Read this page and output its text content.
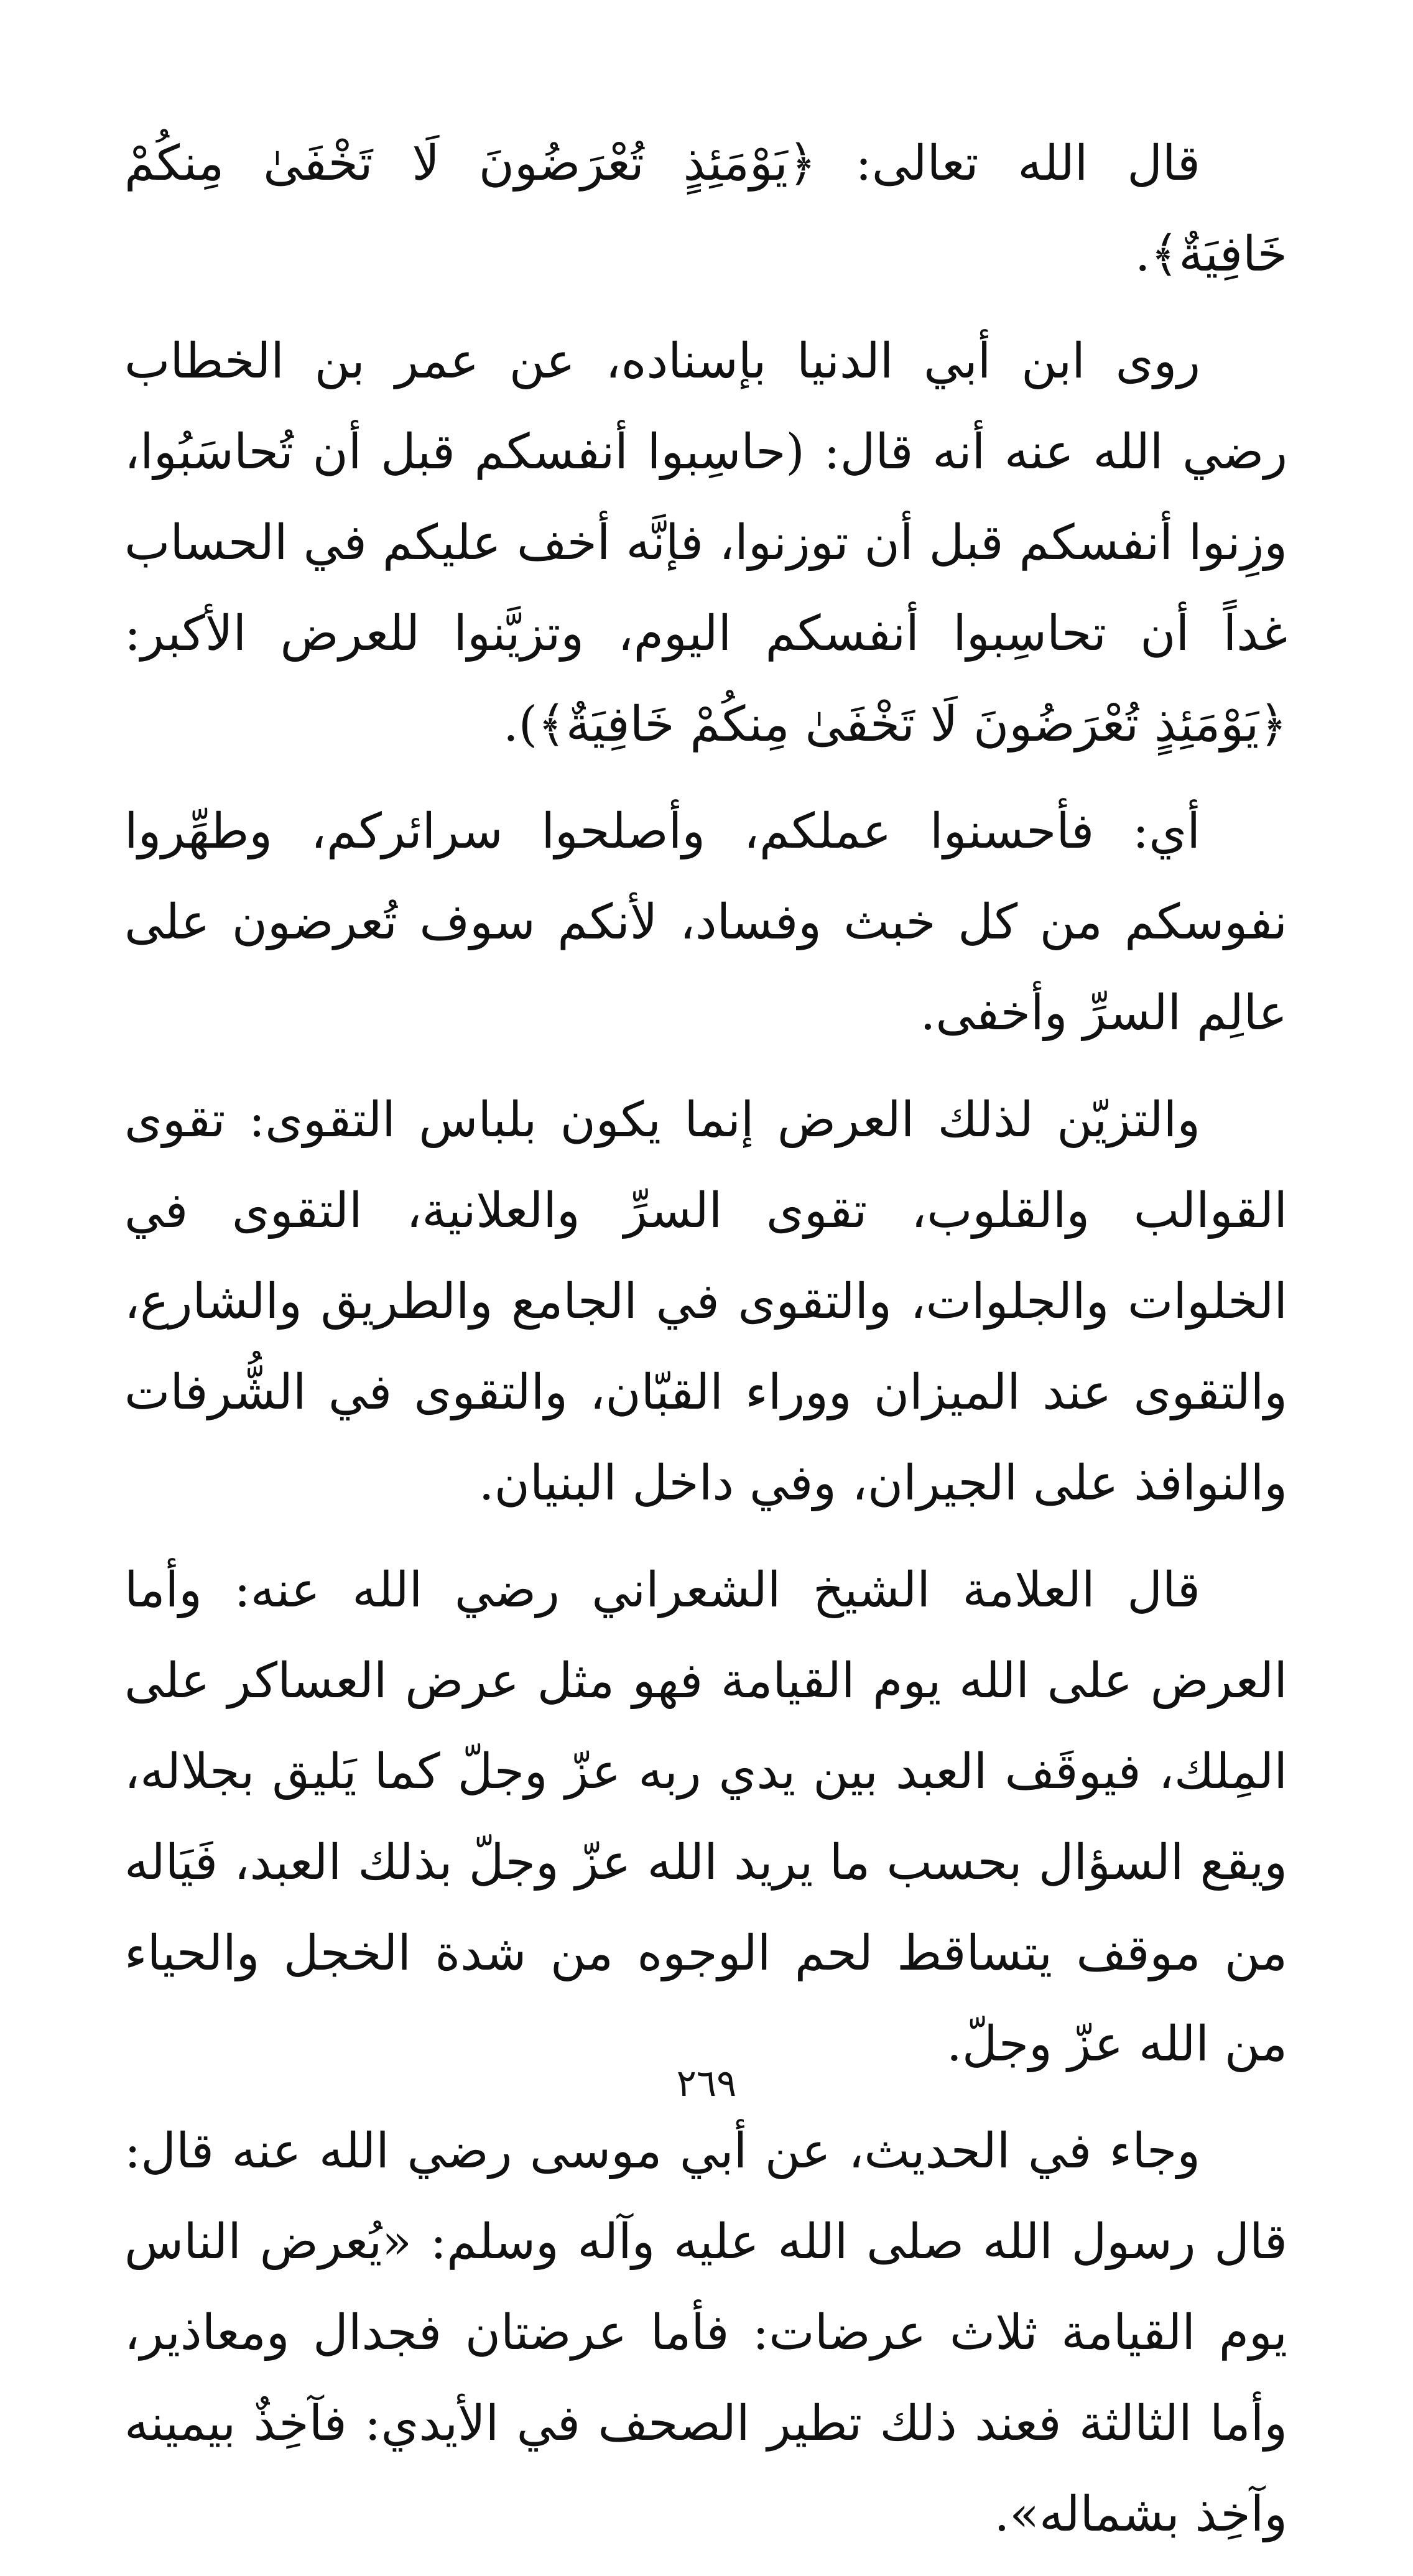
قال الله تعالى: ﴿يَوْمَئِذٍ تُعْرَضُونَ لَا تَخْفَىٰ مِنكُمْ خَافِيَةٌ﴾.

روى ابن أبي الدنيا بإسناده، عن عمر بن الخطاب رضي الله عنه أنه قال: (حاسِبوا أنفسكم قبل أن تُحاسَبُوا، وزِنوا أنفسكم قبل أن توزنوا، فإنَّه أخف عليكم في الحساب غداً أن تحاسِبوا أنفسكم اليوم، وتزيَّنوا للعرض الأكبر: ﴿يَوْمَئِذٍ تُعْرَضُونَ لَا تَخْفَىٰ مِنكُمْ خَافِيَةٌ﴾).

أي: فأحسنوا عملكم، وأصلحوا سرائركم، وطهِّروا نفوسكم من كل خبث وفساد، لأنكم سوف تُعرضون على عالِم السرِّ وأخفى.

والتزيّن لذلك العرض إنما يكون بلباس التقوى: تقوى القوالب والقلوب، تقوى السرِّ والعلانية، التقوى في الخلوات والجلوات، والتقوى في الجامع والطريق والشارع، والتقوى عند الميزان ووراء القبّان، والتقوى في الشُّرفات والنوافذ على الجيران، وفي داخل البنيان.

قال العلامة الشيخ الشعراني رضي الله عنه: وأما العرض على الله يوم القيامة فهو مثل عرض العساكر على المِلك، فيوقَف العبد بين يدي ربه عزّ وجلّ كما يَليق بجلاله، ويقع السؤال بحسب ما يريد الله عزّ وجلّ بذلك العبد، فَيَاله من موقف يتساقط لحم الوجوه من شدة الخجل والحياء من الله عزّ وجلّ.

وجاء في الحديث، عن أبي موسى رضي الله عنه قال: قال رسول الله صلى الله عليه وآله وسلم: «يُعرض الناس يوم القيامة ثلاث عرضات: فأما عرضتان فجدال ومعاذير، وأما الثالثة فعند ذلك تطير الصحف في الأيدي: فآخِذٌ بيمينه وآخِذ بشماله».

٢٦٩
